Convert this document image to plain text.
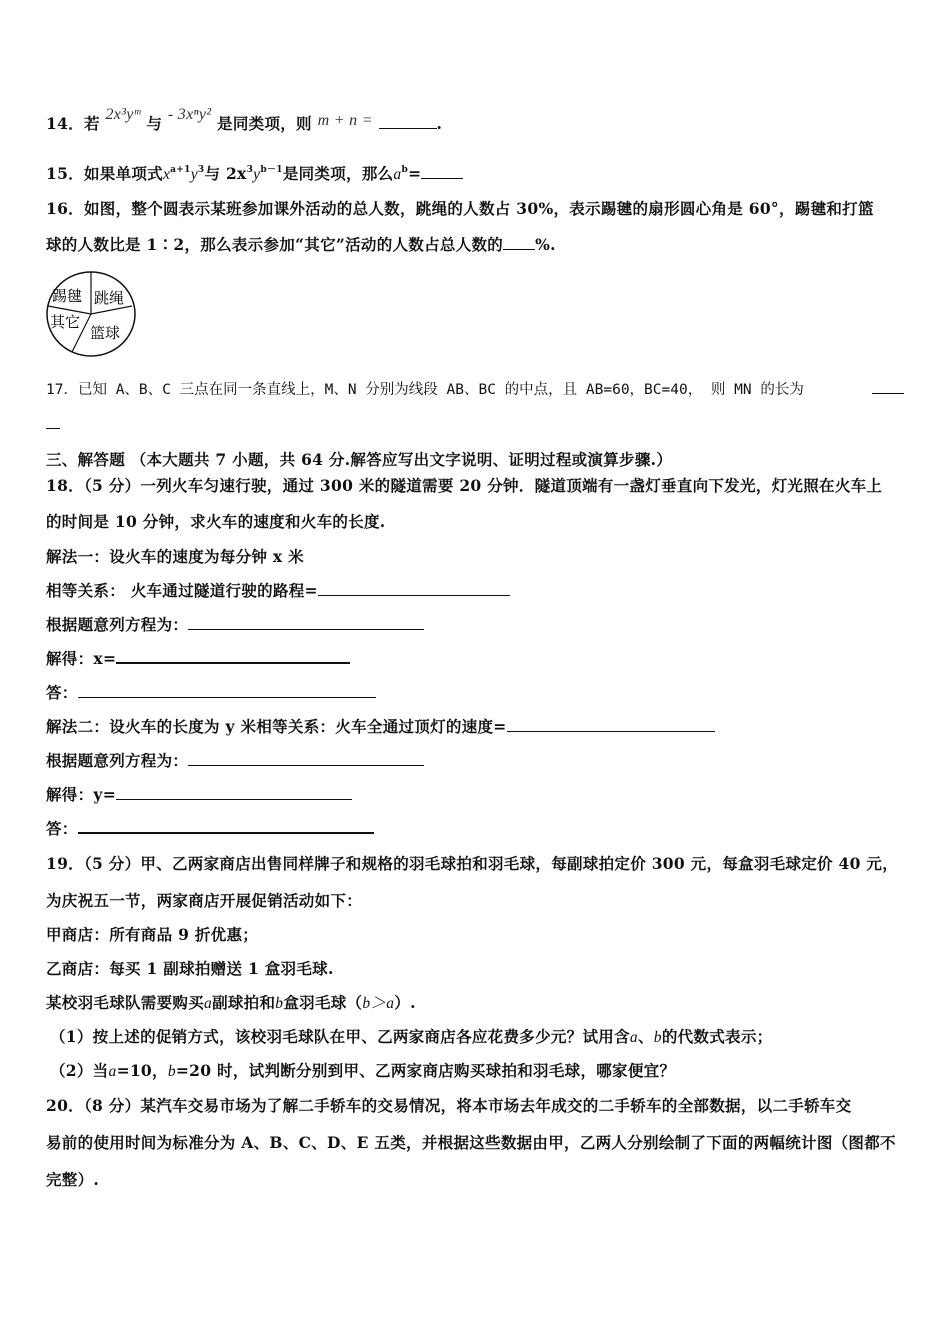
14．若 2x³yᵐ 与 - 3xⁿy² 是同类项，则 m + n =	.
15．如果单项式$x^{a+1}y^3$与 $2x^3y^{b-1}$是同类项，那么$a^b=$
16．如图，整个圆表示某班参加课外活动的总人数，跳绳的人数占 30%，表示踢毽的扇形圆心角是 60°，踢毽和打篮
球的人数比是 1∶2，那么表示参加“其它”活动的人数占总人数的 %.
踢毽 跳绳
其它
篮球
17．已知 A、B、C 三点在同一条直线上，M、N 分别为线段 AB、BC 的中点，且 AB=60，BC=40， 则 MN 的长为
三、解答题 （本大题共 7 小题，共 64 分.解答应写出文字说明、证明过程或演算步骤.）
18．（5 分）一列火车匀速行驶，通过 300 米的隧道需要 20 分钟．隧道顶端有一盏灯垂直向下发光，灯光照在火车上
的时间是 10 分钟，求火车的速度和火车的长度.
解法一：设火车的速度为每分钟 x 米
相等关系： 火车通过隧道行驶的路程=
根据题意列方程为：
解得：x=
答：
解法二：设火车的长度为 y 米相等关系：火车全通过顶灯的速度=
根据题意列方程为：
解得：y=
答：
19．（5 分）甲、乙两家商店出售同样牌子和规格的羽毛球拍和羽毛球，每副球拍定价 300 元，每盒羽毛球定价 40 元，
为庆祝五一节，两家商店开展促销活动如下：
甲商店：所有商品 9 折优惠；
乙商店：每买 1 副球拍赠送 1 盒羽毛球.
某校羽毛球队需要购买a副球拍和b盒羽毛球（b＞a）.
（1）按上述的促销方式，该校羽毛球队在甲、乙两家商店各应花费多少元？试用含a、b的代数式表示；
（2）当a=10，b=20 时，试判断分别到甲、乙两家商店购买球拍和羽毛球，哪家便宜？
20．（8 分）某汽车交易市场为了解二手轿车的交易情况，将本市场去年成交的二手轿车的全部数据，以二手轿车交
易前的使用时间为标准分为 A、B、C、D、E 五类，并根据这些数据由甲，乙两人分别绘制了下面的两幅统计图（图都不
完整）.
